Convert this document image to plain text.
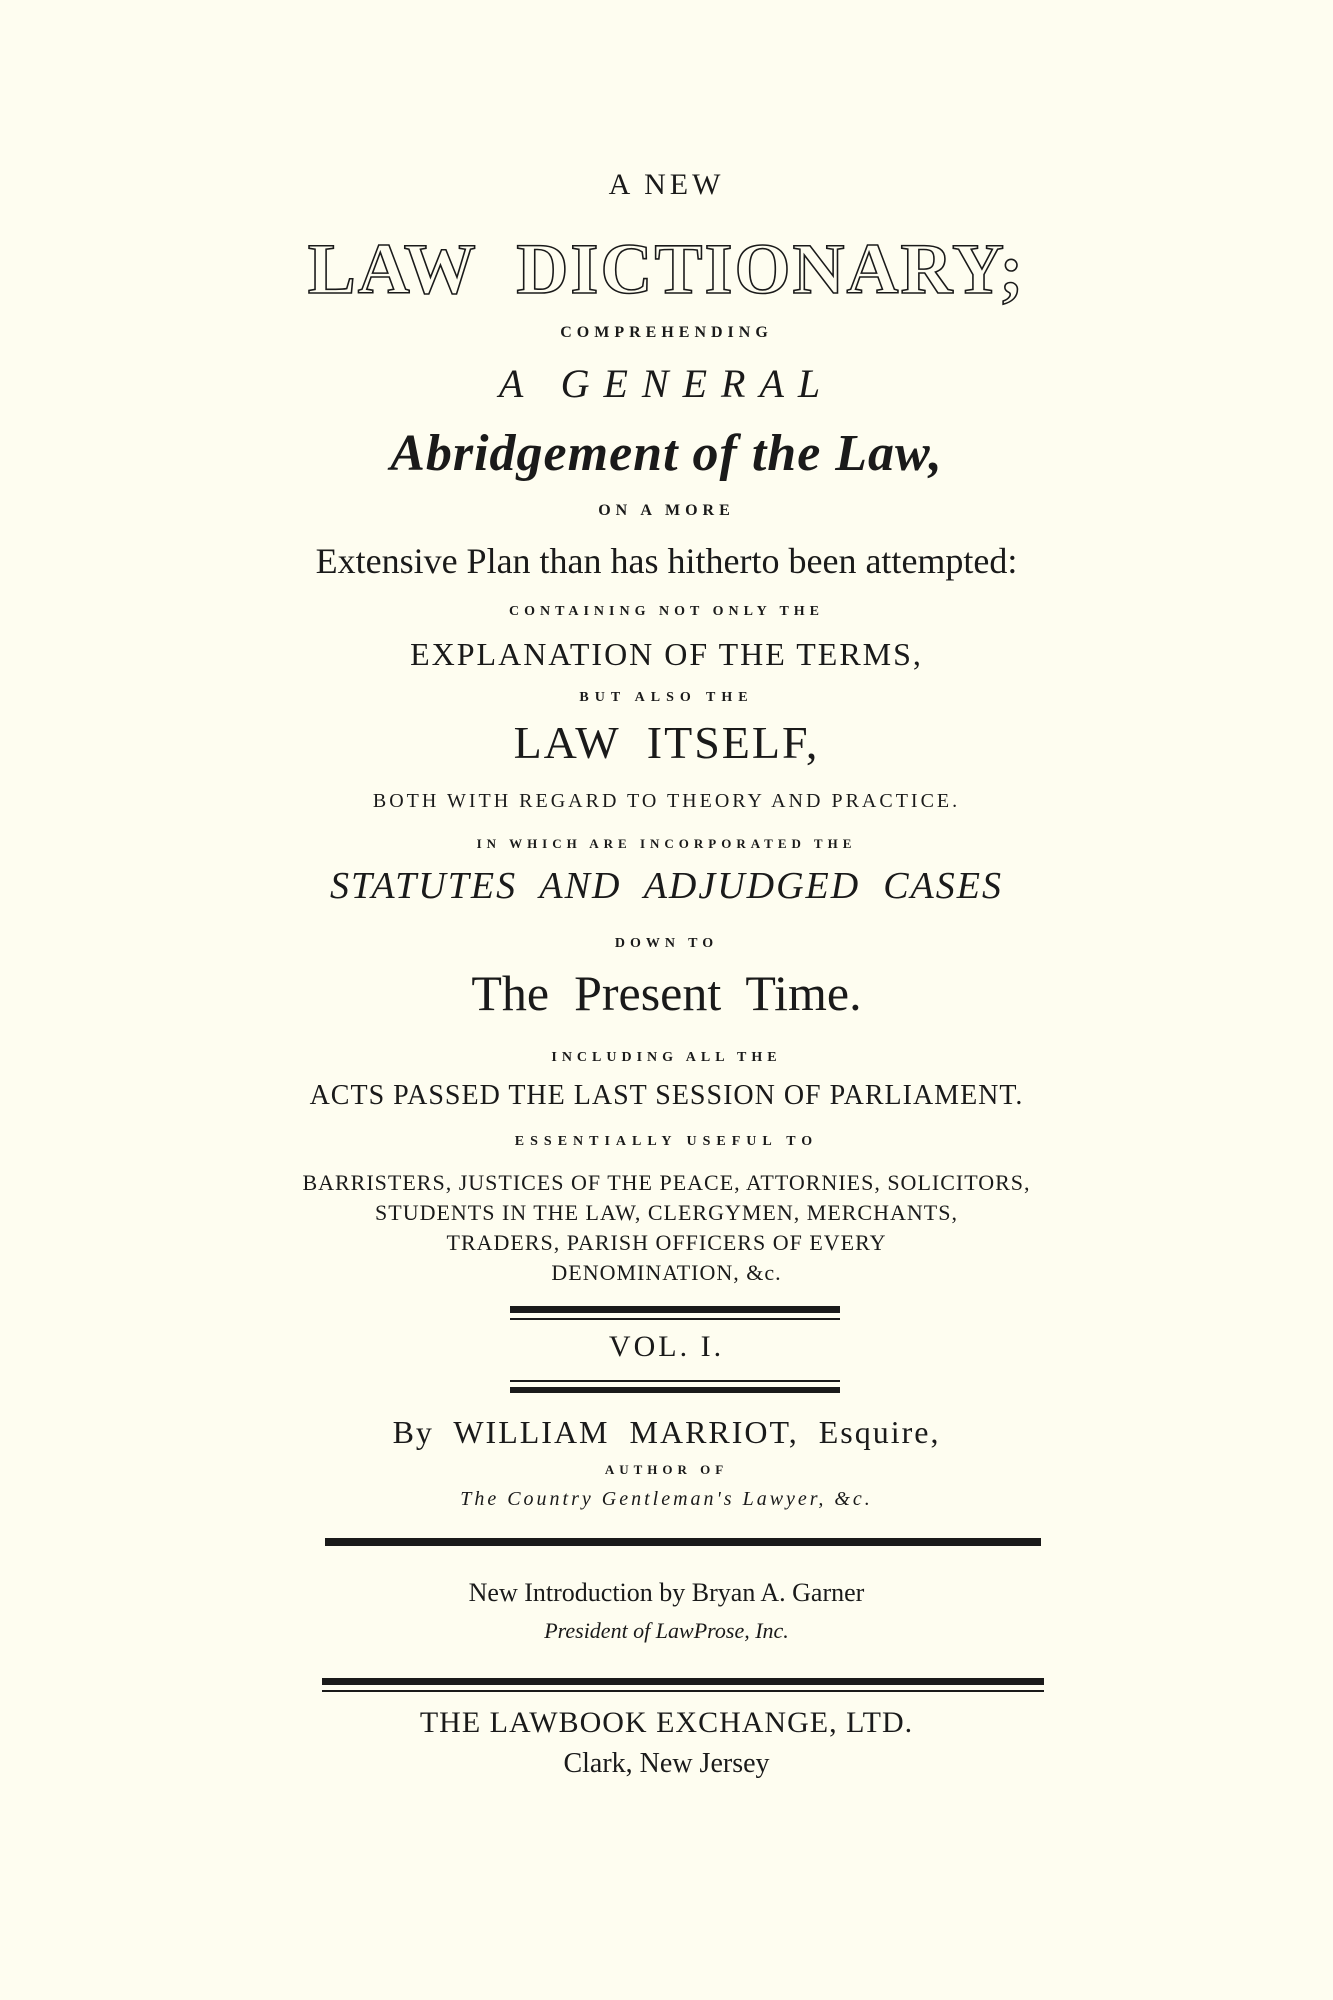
A NEW

LAW  DICTIONARY;

COMPREHENDING

A GENERAL

Abridgement of the Law,

ON A MORE

Extensive Plan than has hitherto been attempted:

CONTAINING NOT ONLY THE

EXPLANATION OF THE TERMS,

BUT ALSO THE

LAW  ITSELF,

BOTH WITH REGARD TO THEORY AND PRACTICE.

IN WHICH ARE INCORPORATED THE

STATUTES  AND  ADJUDGED  CASES

DOWN TO

The  Present  Time.

INCLUDING ALL THE

ACTS PASSED THE LAST SESSION OF PARLIAMENT.

ESSENTIALLY USEFUL TO

BARRISTERS, JUSTICES OF THE PEACE, ATTORNIES, SOLICITORS,

STUDENTS IN THE LAW, CLERGYMEN, MERCHANTS,

TRADERS, PARISH OFFICERS OF EVERY

DENOMINATION, &c.

VOL. I.

By  WILLIAM  MARRIOT,  Esquire,

AUTHOR OF

The Country Gentleman's Lawyer, &c.

New Introduction by Bryan A. Garner

President of LawProse, Inc.

THE LAWBOOK EXCHANGE, LTD.

Clark, New Jersey
